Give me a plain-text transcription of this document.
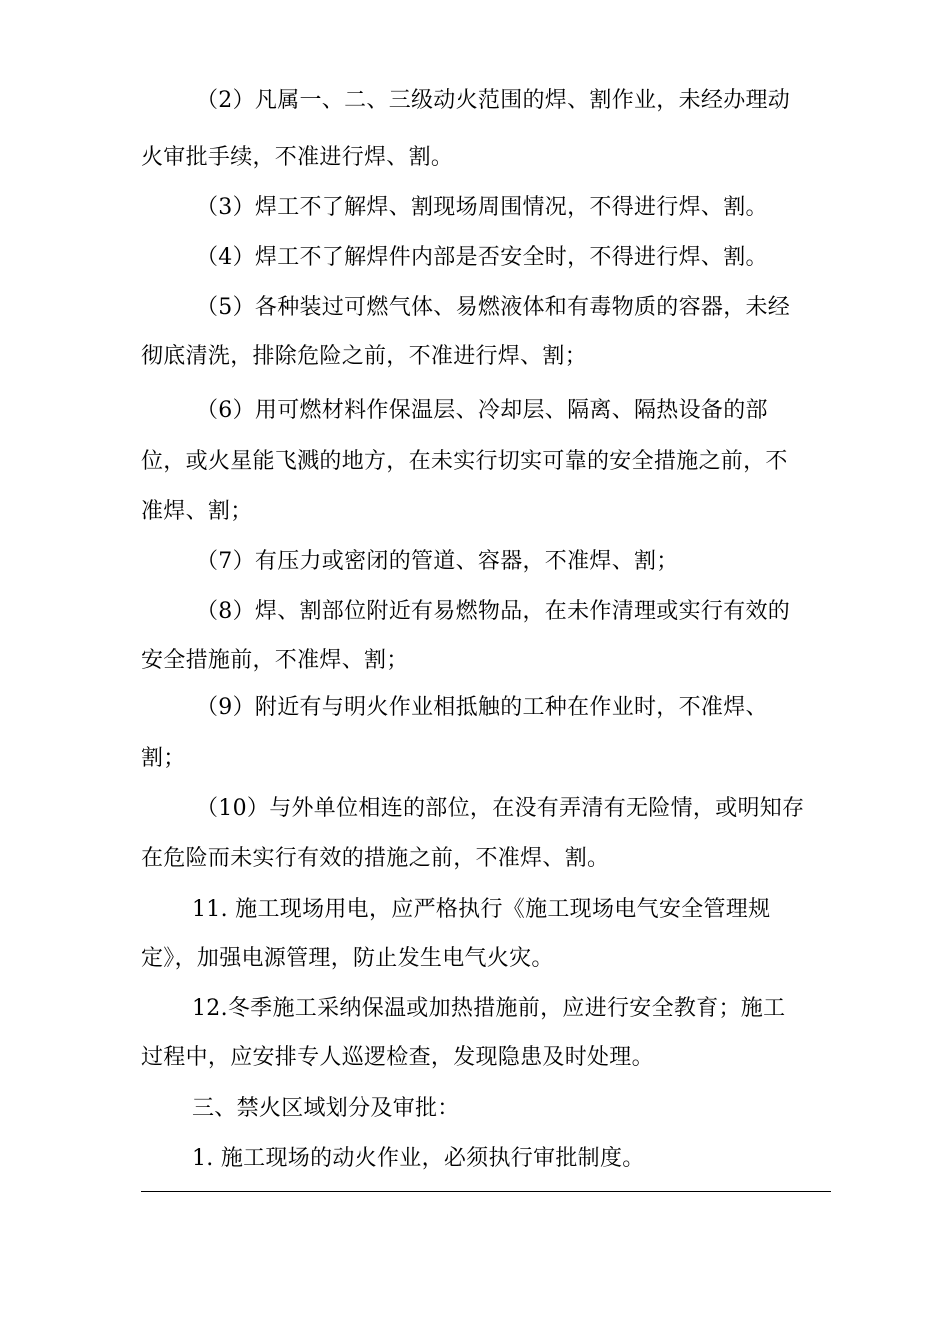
（2）凡属一、二、三级动火范围的焊、割作业，未经办理动
火审批手续，不准进行焊、割。
（3）焊工不了解焊、割现场周围情况，不得进行焊、割。
（4）焊工不了解焊件内部是否安全时，不得进行焊、割。
（5）各种装过可燃气体、易燃液体和有毒物质的容器，未经
彻底清洗，排除危险之前，不准进行焊、割；
（6）用可燃材料作保温层、冷却层、隔离、隔热设备的部
位，或火星能飞溅的地方，在未实行切实可靠的安全措施之前，不
准焊、割；
（7）有压力或密闭的管道、容器，不准焊、割；
（8）焊、割部位附近有易燃物品，在未作清理或实行有效的
安全措施前，不准焊、割；
（9）附近有与明火作业相抵触的工种在作业时，不准焊、
割；
（10）与外单位相连的部位，在没有弄清有无险情，或明知存
在危险而未实行有效的措施之前，不准焊、割。
11. 施工现场用电，应严格执行《施工现场电气安全管理规
定》，加强电源管理，防止发生电气火灾。
12.冬季施工采纳保温或加热措施前，应进行安全教育；施工
过程中，应安排专人巡逻检查，发现隐患及时处理。
三、禁火区域划分及审批：
1. 施工现场的动火作业，必须执行审批制度。
